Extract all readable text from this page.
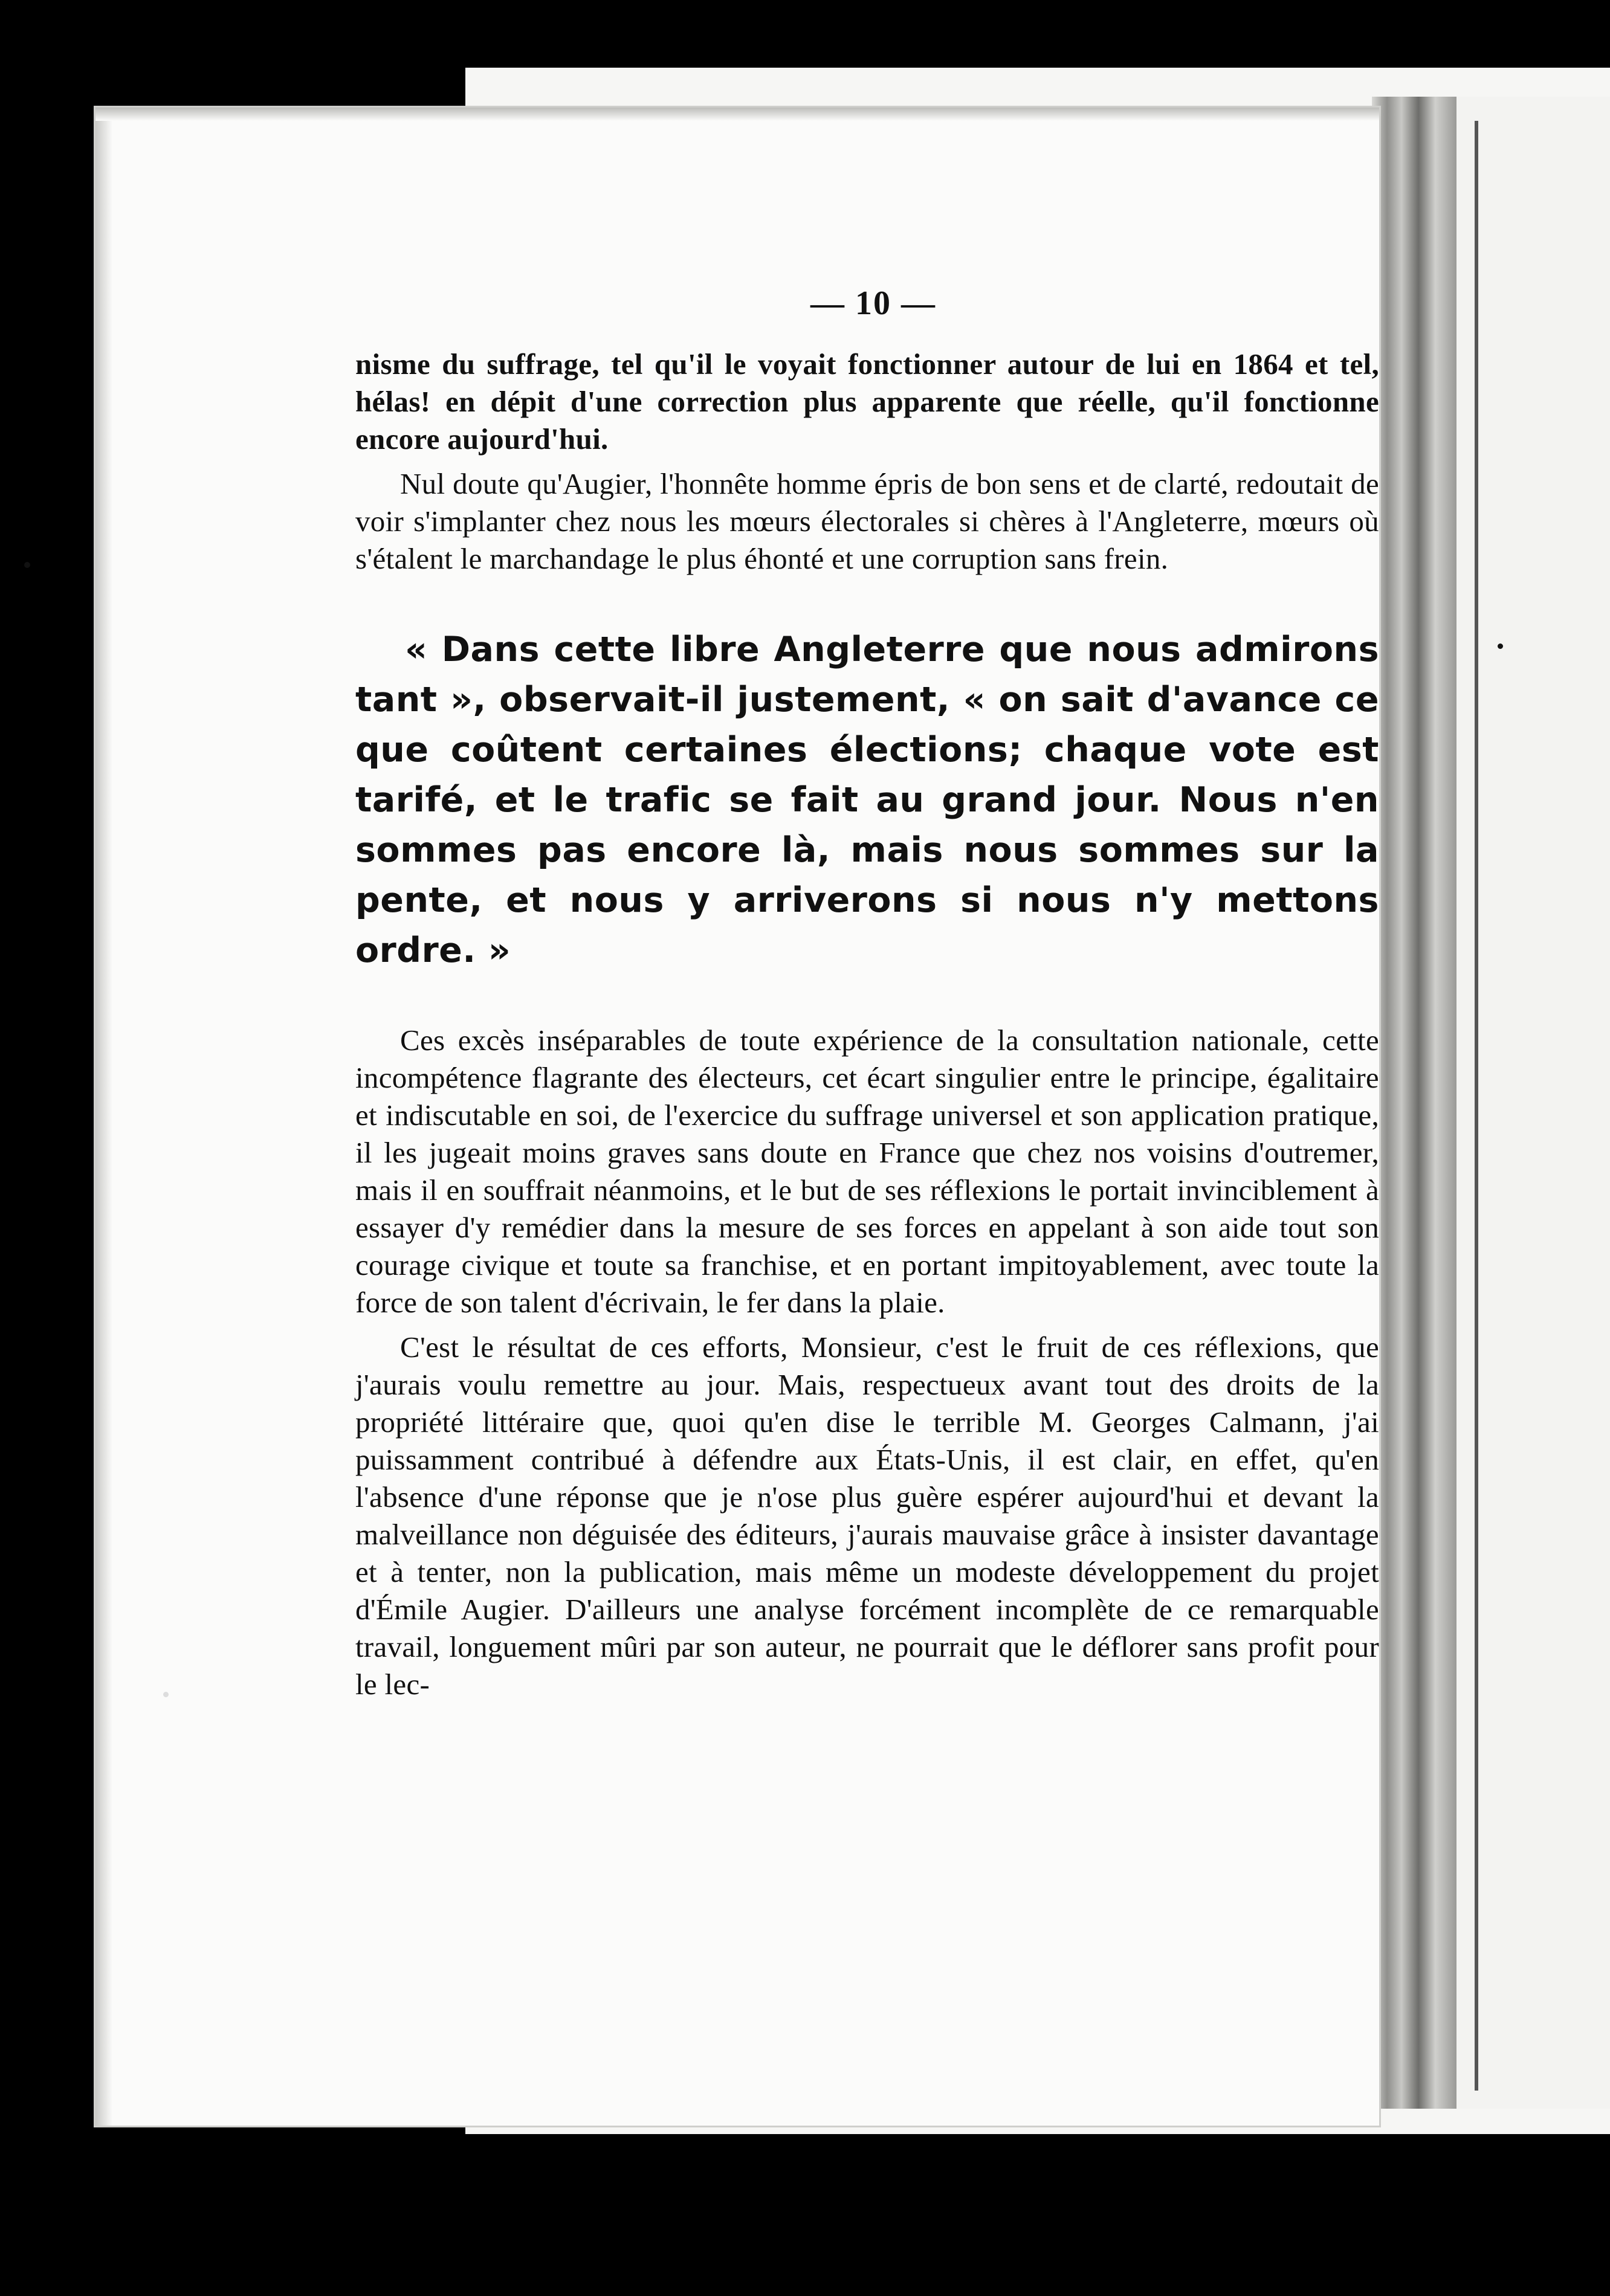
— 10 —

nisme du suffrage, tel qu'il le voyait fonctionner autour de lui en 1864 et tel, hélas! en dépit d'une correction plus apparente que réelle, qu'il fonctionne encore aujourd'hui.

Nul doute qu'Augier, l'honnête homme épris de bon sens et de clarté, redoutait de voir s'implanter chez nous les mœurs électorales si chères à l'Angleterre, mœurs où s'étalent le marchandage le plus éhonté et une corruption sans frein.

« Dans cette libre Angleterre que nous admirons tant », observait-il justement, « on sait d'avance ce que coûtent certaines élections; chaque vote est tarifé, et le trafic se fait au grand jour. Nous n'en sommes pas encore là, mais nous sommes sur la pente, et nous y arriverons si nous n'y mettons ordre. »

Ces excès inséparables de toute expérience de la consultation nationale, cette incompétence flagrante des électeurs, cet écart singulier entre le principe, égalitaire et indiscutable en soi, de l'exercice du suffrage universel et son application pratique, il les jugeait moins graves sans doute en France que chez nos voisins d'outremer, mais il en souffrait néanmoins, et le but de ses réflexions le portait invinciblement à essayer d'y remédier dans la mesure de ses forces en appelant à son aide tout son courage civique et toute sa franchise, et en portant impitoyablement, avec toute la force de son talent d'écrivain, le fer dans la plaie.

C'est le résultat de ces efforts, Monsieur, c'est le fruit de ces réflexions, que j'aurais voulu remettre au jour. Mais, respectueux avant tout des droits de la propriété littéraire que, quoi qu'en dise le terrible M. Georges Calmann, j'ai puissamment contribué à défendre aux États-Unis, il est clair, en effet, qu'en l'absence d'une réponse que je n'ose plus guère espérer aujourd'hui et devant la malveillance non déguisée des éditeurs, j'aurais mauvaise grâce à insister davantage et à tenter, non la publication, mais même un modeste développement du projet d'Émile Augier. D'ailleurs une analyse forcément incomplète de ce remarquable travail, longuement mûri par son auteur, ne pourrait que le déflorer sans profit pour le lec-
